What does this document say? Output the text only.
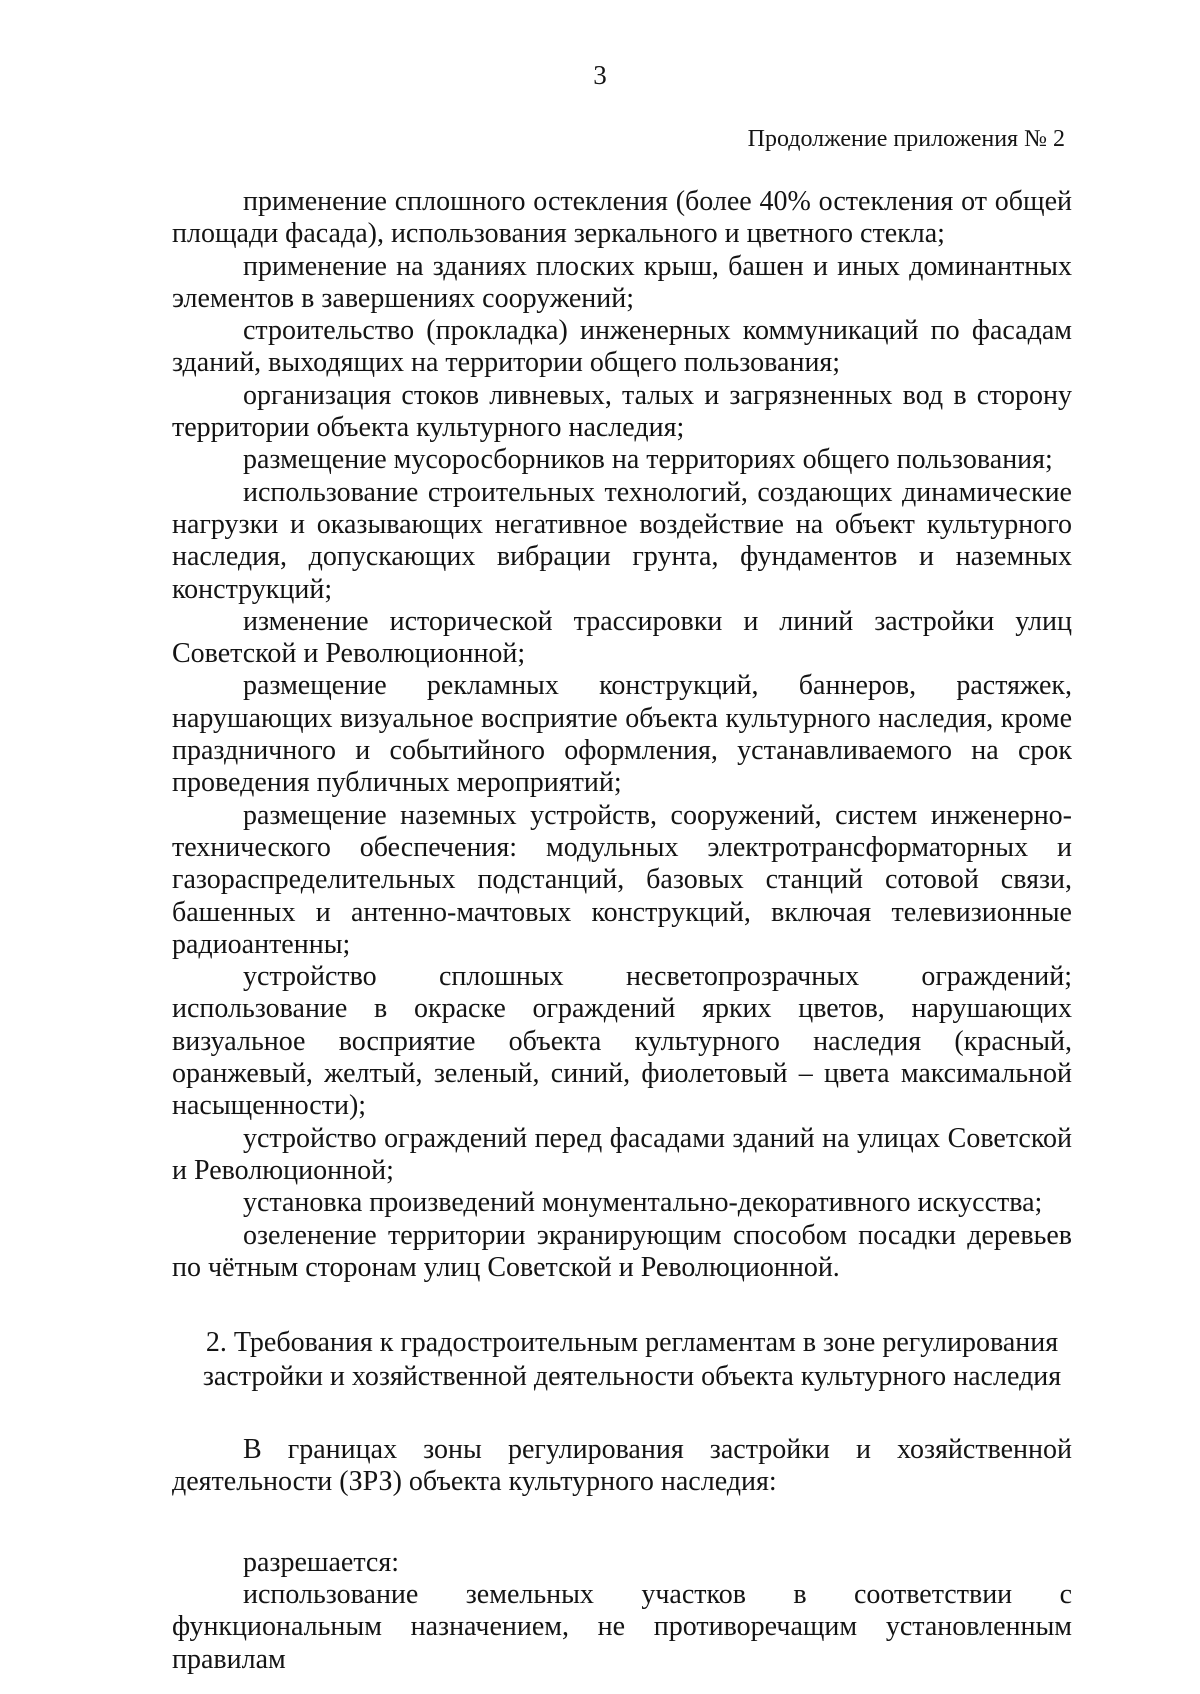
3
Продолжение приложения № 2

применение сплошного остекления (более 40% остекления от общей площади фасада), использования зеркального и цветного стекла;

применение на зданиях плоских крыш, башен и иных доминантных элементов в завершениях сооружений;

строительство (прокладка) инженерных коммуникаций по фасадам зданий, выходящих на территории общего пользования;

организация стоков ливневых, талых и загрязненных вод в сторону территории объекта культурного наследия;

размещение мусоросборников на территориях общего пользования;

использование строительных технологий, создающих динамические нагрузки и оказывающих негативное воздействие на объект культурного наследия, допускающих вибрации грунта, фундаментов и наземных конструкций;

изменение исторической трассировки и линий застройки улиц Советской и Революционной;

размещение рекламных конструкций, баннеров, растяжек, нарушающих визуальное восприятие объекта культурного наследия, кроме праздничного и событийного оформления, устанавливаемого на срок проведения публичных мероприятий;

размещение наземных устройств, сооружений, систем инженерно-технического обеспечения: модульных электротрансформаторных и газораспределительных подстанций, базовых станций сотовой связи, башенных и антенно-мачтовых конструкций, включая телевизионные радиоантенны;

устройство сплошных несветопрозрачных ограждений; использование в окраске ограждений ярких цветов, нарушающих визуальное восприятие объекта культурного наследия (красный, оранжевый, желтый, зеленый, синий, фиолетовый – цвета максимальной насыщенности);

устройство ограждений перед фасадами зданий на улицах Советской и Революционной;

установка произведений монументально-декоративного искусства;

озеленение территории экранирующим способом посадки деревьев по чётным сторонам улиц Советской и Революционной.

2. Требования к градостроительным регламентам в зоне регулирования
застройки и хозяйственной деятельности объекта культурного наследия

В границах зоны регулирования застройки и хозяйственной деятельности (ЗРЗ) объекта культурного наследия:

разрешается:

использование земельных участков в соответствии с функциональным назначением, не противоречащим установленным правилам
